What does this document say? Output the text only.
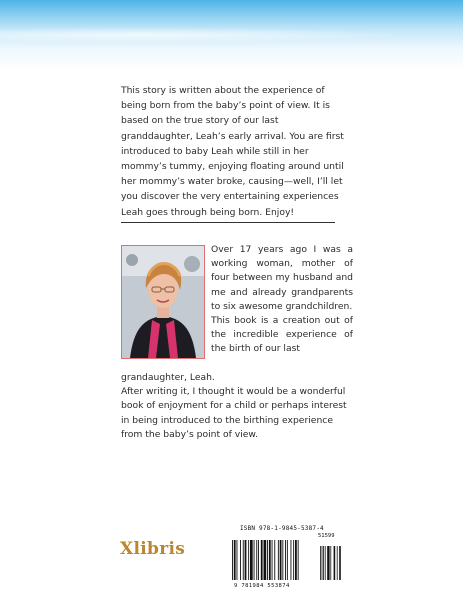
This story is written about the experience of being born from the baby’s point of view. It is based on the true story of our last granddaughter, Leah’s early arrival. You are first introduced to baby Leah while still in her mommy’s tummy, enjoying floating around until her mommy’s water broke, causing—well, I’ll let you discover the very entertaining experiences Leah goes through being born. Enjoy!

Over 17 years ago I was a working woman, mother of four between my husband and me and already grandparents to six awesome grandchildren.

This book is a creation out of the incredible experience of the birth of our last

grandaughter, Leah.

After writing it, I thought it would be a wonderful book of enjoyment for a child or perhaps interest in being introduced to the birthing experience from the baby’s point of view.

Xlibris
ISBN 978-1-9845-5387-4
51599
9 781984 553874
